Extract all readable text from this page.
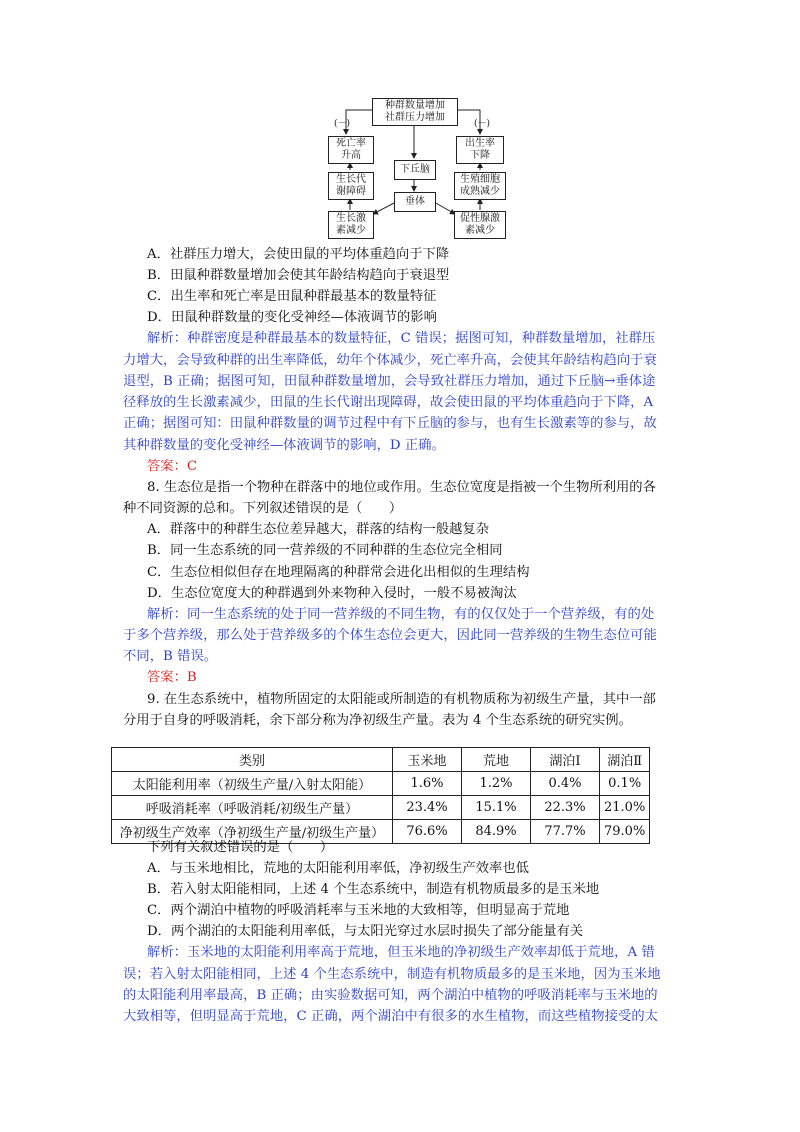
(－)	(－)
种群数量增加
社群压力增加
死亡率
升高
生长代
谢障碍
生长激
素减少
下丘脑
垂体
出生率
下降
生殖细胞
成熟减少
促性腺激
素减少
A．社群压力增大，会使田鼠的平均体重趋向于下降
B．田鼠种群数量增加会使其年龄结构趋向于衰退型
C．出生率和死亡率是田鼠种群最基本的数量特征
D．田鼠种群数量的变化受神经—体液调节的影响
解析：种群密度是种群最基本的数量特征，C 错误；据图可知，种群数量增加，社群压
力增大，会导致种群的出生率降低，幼年个体减少，死亡率升高，会使其年龄结构趋向于衰
退型，B 正确；据图可知，田鼠种群数量增加，会导致社群压力增加，通过下丘脑→垂体途
径释放的生长激素减少，田鼠的生长代谢出现障碍，故会使田鼠的平均体重趋向于下降，A
正确；据图可知：田鼠种群数量的调节过程中有下丘脑的参与，也有生长激素等的参与，故
其种群数量的变化受神经—体液调节的影响，D 正确。
答案：C
8. 生态位是指一个物种在群落中的地位或作用。生态位宽度是指被一个生物所利用的各
种不同资源的总和。下列叙述错误的是（　　）
A．群落中的种群生态位差异越大，群落的结构一般越复杂
B．同一生态系统的同一营养级的不同种群的生态位完全相同
C．生态位相似但存在地理隔离的种群常会进化出相似的生理结构
D．生态位宽度大的种群遇到外来物种入侵时，一般不易被淘汰
解析：同一生态系统的处于同一营养级的不同生物，有的仅仅处于一个营养级，有的处
于多个营养级，那么处于营养级多的个体生态位会更大，因此同一营养级的生物生态位可能
不同，B 错误。
答案：B
9. 在生态系统中，植物所固定的太阳能或所制造的有机物质称为初级生产量，其中一部
分用于自身的呼吸消耗，余下部分称为净初级生产量。表为 4 个生态系统的研究实例。
类别	玉米地	荒地	湖泊Ⅰ	湖泊Ⅱ
太阳能利用率（初级生产量/入射太阳能）	1.6%	1.2%	0.4%	0.1%
呼吸消耗率（呼吸消耗/初级生产量）	23.4%	15.1%	22.3%	21.0%
净初级生产效率（净初级生产量/初级生产量）	76.6%	84.9%	77.7%	79.0%
下列有关叙述错误的是（　　）
A．与玉米地相比，荒地的太阳能利用率低，净初级生产效率也低
B．若入射太阳能相同，上述 4 个生态系统中，制造有机物质最多的是玉米地
C．两个湖泊中植物的呼吸消耗率与玉米地的大致相等，但明显高于荒地
D．两个湖泊的太阳能利用率低，与太阳光穿过水层时损失了部分能量有关
解析：玉米地的太阳能利用率高于荒地，但玉米地的净初级生产效率却低于荒地，A 错
误；若入射太阳能相同，上述 4 个生态系统中，制造有机物质最多的是玉米地，因为玉米地
的太阳能利用率最高，B 正确；由实验数据可知，两个湖泊中植物的呼吸消耗率与玉米地的
大致相等，但明显高于荒地，C 正确，两个湖泊中有很多的水生植物，而这些植物接受的太
